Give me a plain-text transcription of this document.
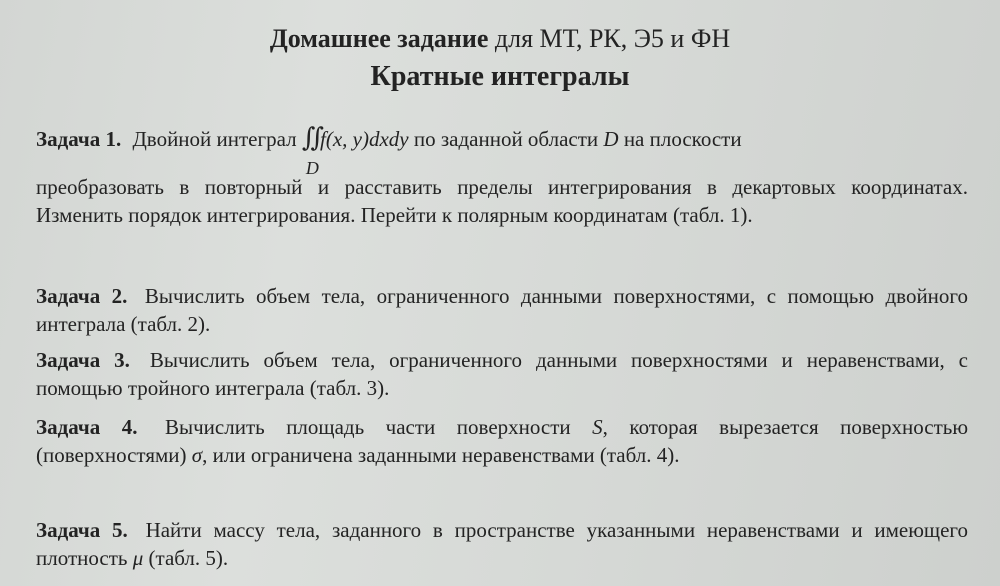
Домашнее задание для МТ, РК, Э5 и ФН
Кратные интегралы
Задача 1. Двойной интеграл ∬
D
f(x, y)dxdy по заданной области D на плоскости
преобразовать в повторный и расставить пределы интегрирования в декартовых координатах. Изменить порядок интегрирования. Перейти к полярным координатам (табл. 1).
Задача 2. Вычислить объем тела, ограниченного данными поверхностями, с помощью двойного интеграла (табл. 2).
Задача 3. Вычислить объем тела, ограниченного данными поверхностями и неравенствами, с помощью тройного интеграла (табл. 3).
Задача 4. Вычислить площадь части поверхности S, которая вырезается поверхностью (поверхностями) σ, или ограничена заданными неравенствами (табл. 4).
Задача 5. Найти массу тела, заданного в пространстве указанными неравенствами и имеющего плотность μ (табл. 5).
